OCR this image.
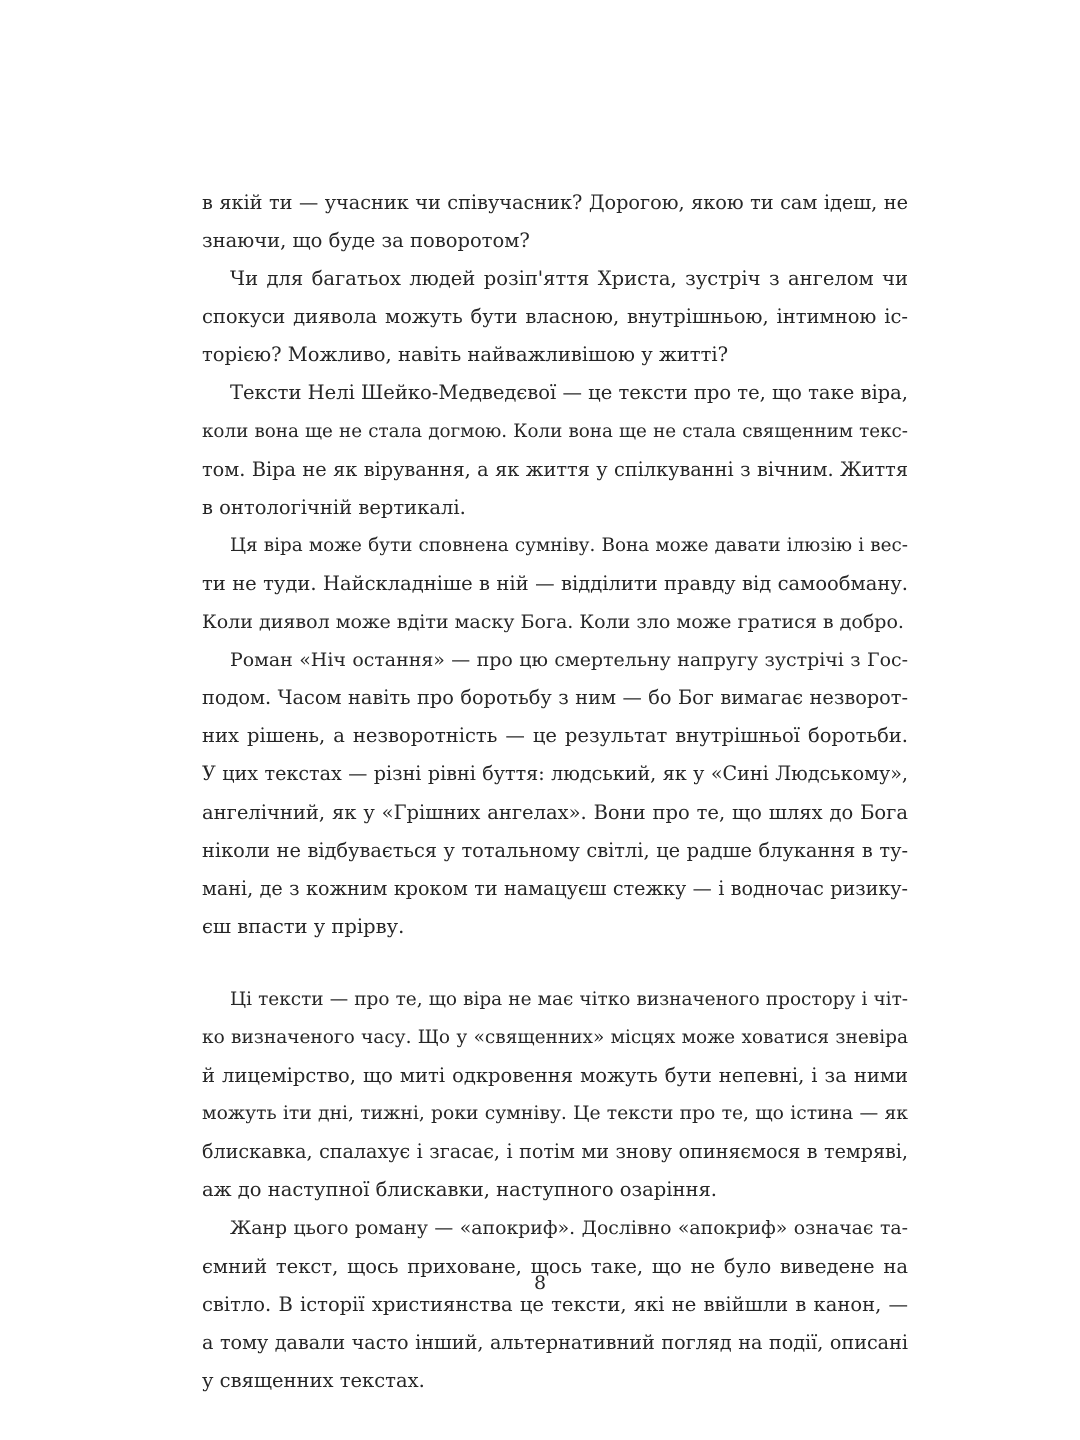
в якій ти — учасник чи співучасник? Дорогою, якою ти сам ідеш, не
знаючи, що буде за поворотом?
Чи для багатьох людей розіп'яття Христа, зустріч з ангелом чи
спокуси диявола можуть бути власною, внутрішньою, інтимною іс-
торією? Можливо, навіть найважливішою у житті?
Тексти Нелі Шейко-Медведєвої — це тексти про те, що таке віра,
коли вона ще не стала догмою. Коли вона ще не стала священним текс-
том. Віра не як вірування, а як життя у спілкуванні з вічним. Життя
в онтологічній вертикалі.
Ця віра може бути сповнена сумніву. Вона може давати ілюзію і вес-
ти не туди. Найскладніше в ній — відділити правду від самообману.
Коли диявол може вдіти маску Бога. Коли зло може гратися в добро.
Роман «Ніч остання» — про цю смертельну напругу зустрічі з Гос-
подом. Часом навіть про боротьбу з ним — бо Бог вимагає незворот-
них рішень, а незворотність — це результат внутрішньої боротьби.
У цих текстах — різні рівні буття: людський, як у «Сині Людському»,
ангелічний, як у «Грішних ангелах». Вони про те, що шлях до Бога
ніколи не відбувається у тотальному світлі, це радше блукання в ту-
мані, де з кожним кроком ти намацуєш стежку — і водночас ризику-
єш впасти у прірву.
Ці тексти — про те, що віра не має чітко визначеного простору і чіт-
ко визначеного часу. Що у «священних» місцях може ховатися зневіра
й лицемірство, що миті одкровення можуть бути непевні, і за ними
можуть іти дні, тижні, роки сумніву. Це тексти про те, що істина — як
блискавка, спалахує і згасає, і потім ми знову опиняємося в темряві,
аж до наступної блискавки, наступного озаріння.
Жанр цього роману — «апокриф». Дослівно «апокриф» означає та-
ємний текст, щось приховане, щось таке, що не було виведене на
світло. В історії християнства це тексти, які не ввійшли в канон, —
а тому давали часто інший, альтернативний погляд на події, описані
у священних текстах.
8
